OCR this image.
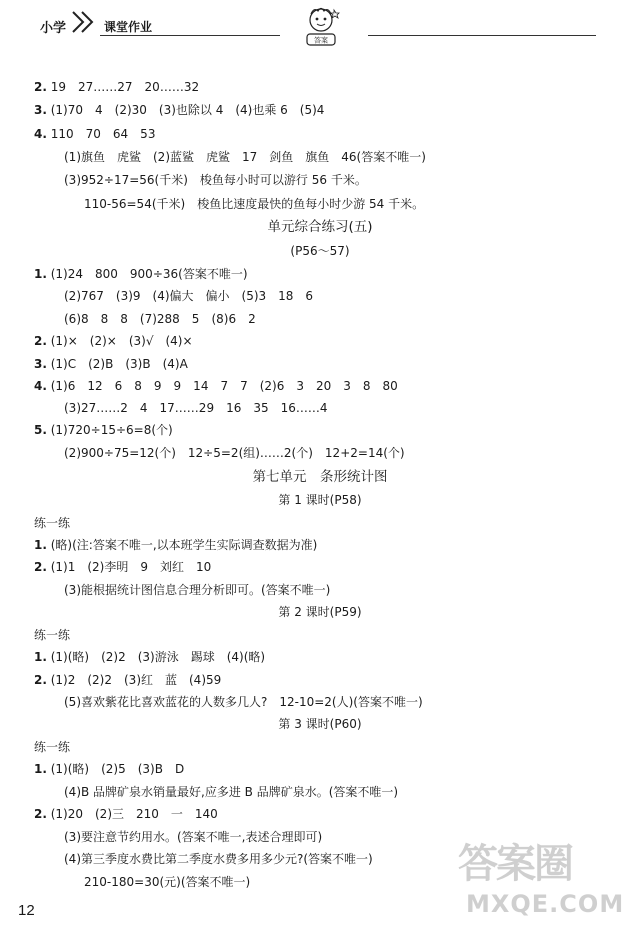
小学	课堂作业
答案
2. 19　27……27　20……32
3. (1)70　4　(2)30　(3)也除以 4　(4)也乘 6　(5)4
4. 110　70　64　53
(1)旗鱼　虎鲨　(2)蓝鲨　虎鲨　17　剑鱼　旗鱼　46(答案不唯一)
(3)952÷17=56(千米)　梭鱼每小时可以游行 56 千米。
110-56=54(千米)　梭鱼比速度最快的鱼每小时少游 54 千米。
单元综合练习(五)
(P56～57)
1. (1)24　800　900÷36(答案不唯一)
(2)767　(3)9　(4)偏大　偏小　(5)3　18　6
(6)8　8　8　(7)288　5　(8)6　2
2. (1)×　(2)×　(3)√　(4)×
3. (1)C　(2)B　(3)B　(4)A
4. (1)6　12　6　8　9　9　14　7　7　(2)6　3　20　3　8　80
(3)27……2　4　17……29　16　35　16……4
5. (1)720÷15÷6=8(个)
(2)900÷75=12(个)　12÷5=2(组)……2(个)　12+2=14(个)
第七单元　条形统计图
第 1 课时(P58)
练一练
1. (略)(注:答案不唯一,以本班学生实际调查数据为准)
2. (1)1　(2)李明　9　刘红　10
(3)能根据统计图信息合理分析即可。(答案不唯一)
第 2 课时(P59)
练一练
1. (1)(略)　(2)2　(3)游泳　踢球　(4)(略)
2. (1)2　(2)2　(3)红　蓝　(4)59
(5)喜欢紫花比喜欢蓝花的人数多几人?　12-10=2(人)(答案不唯一)
第 3 课时(P60)
练一练
1. (1)(略)　(2)5　(3)B　D
(4)B 品牌矿泉水销量最好,应多进 B 品牌矿泉水。(答案不唯一)
2. (1)20　(2)三　210　一　140
(3)要注意节约用水。(答案不唯一,表述合理即可)
(4)第三季度水费比第二季度水费多用多少元?(答案不唯一)
210-180=30(元)(答案不唯一)
12
答案圈
MXQE.COM
